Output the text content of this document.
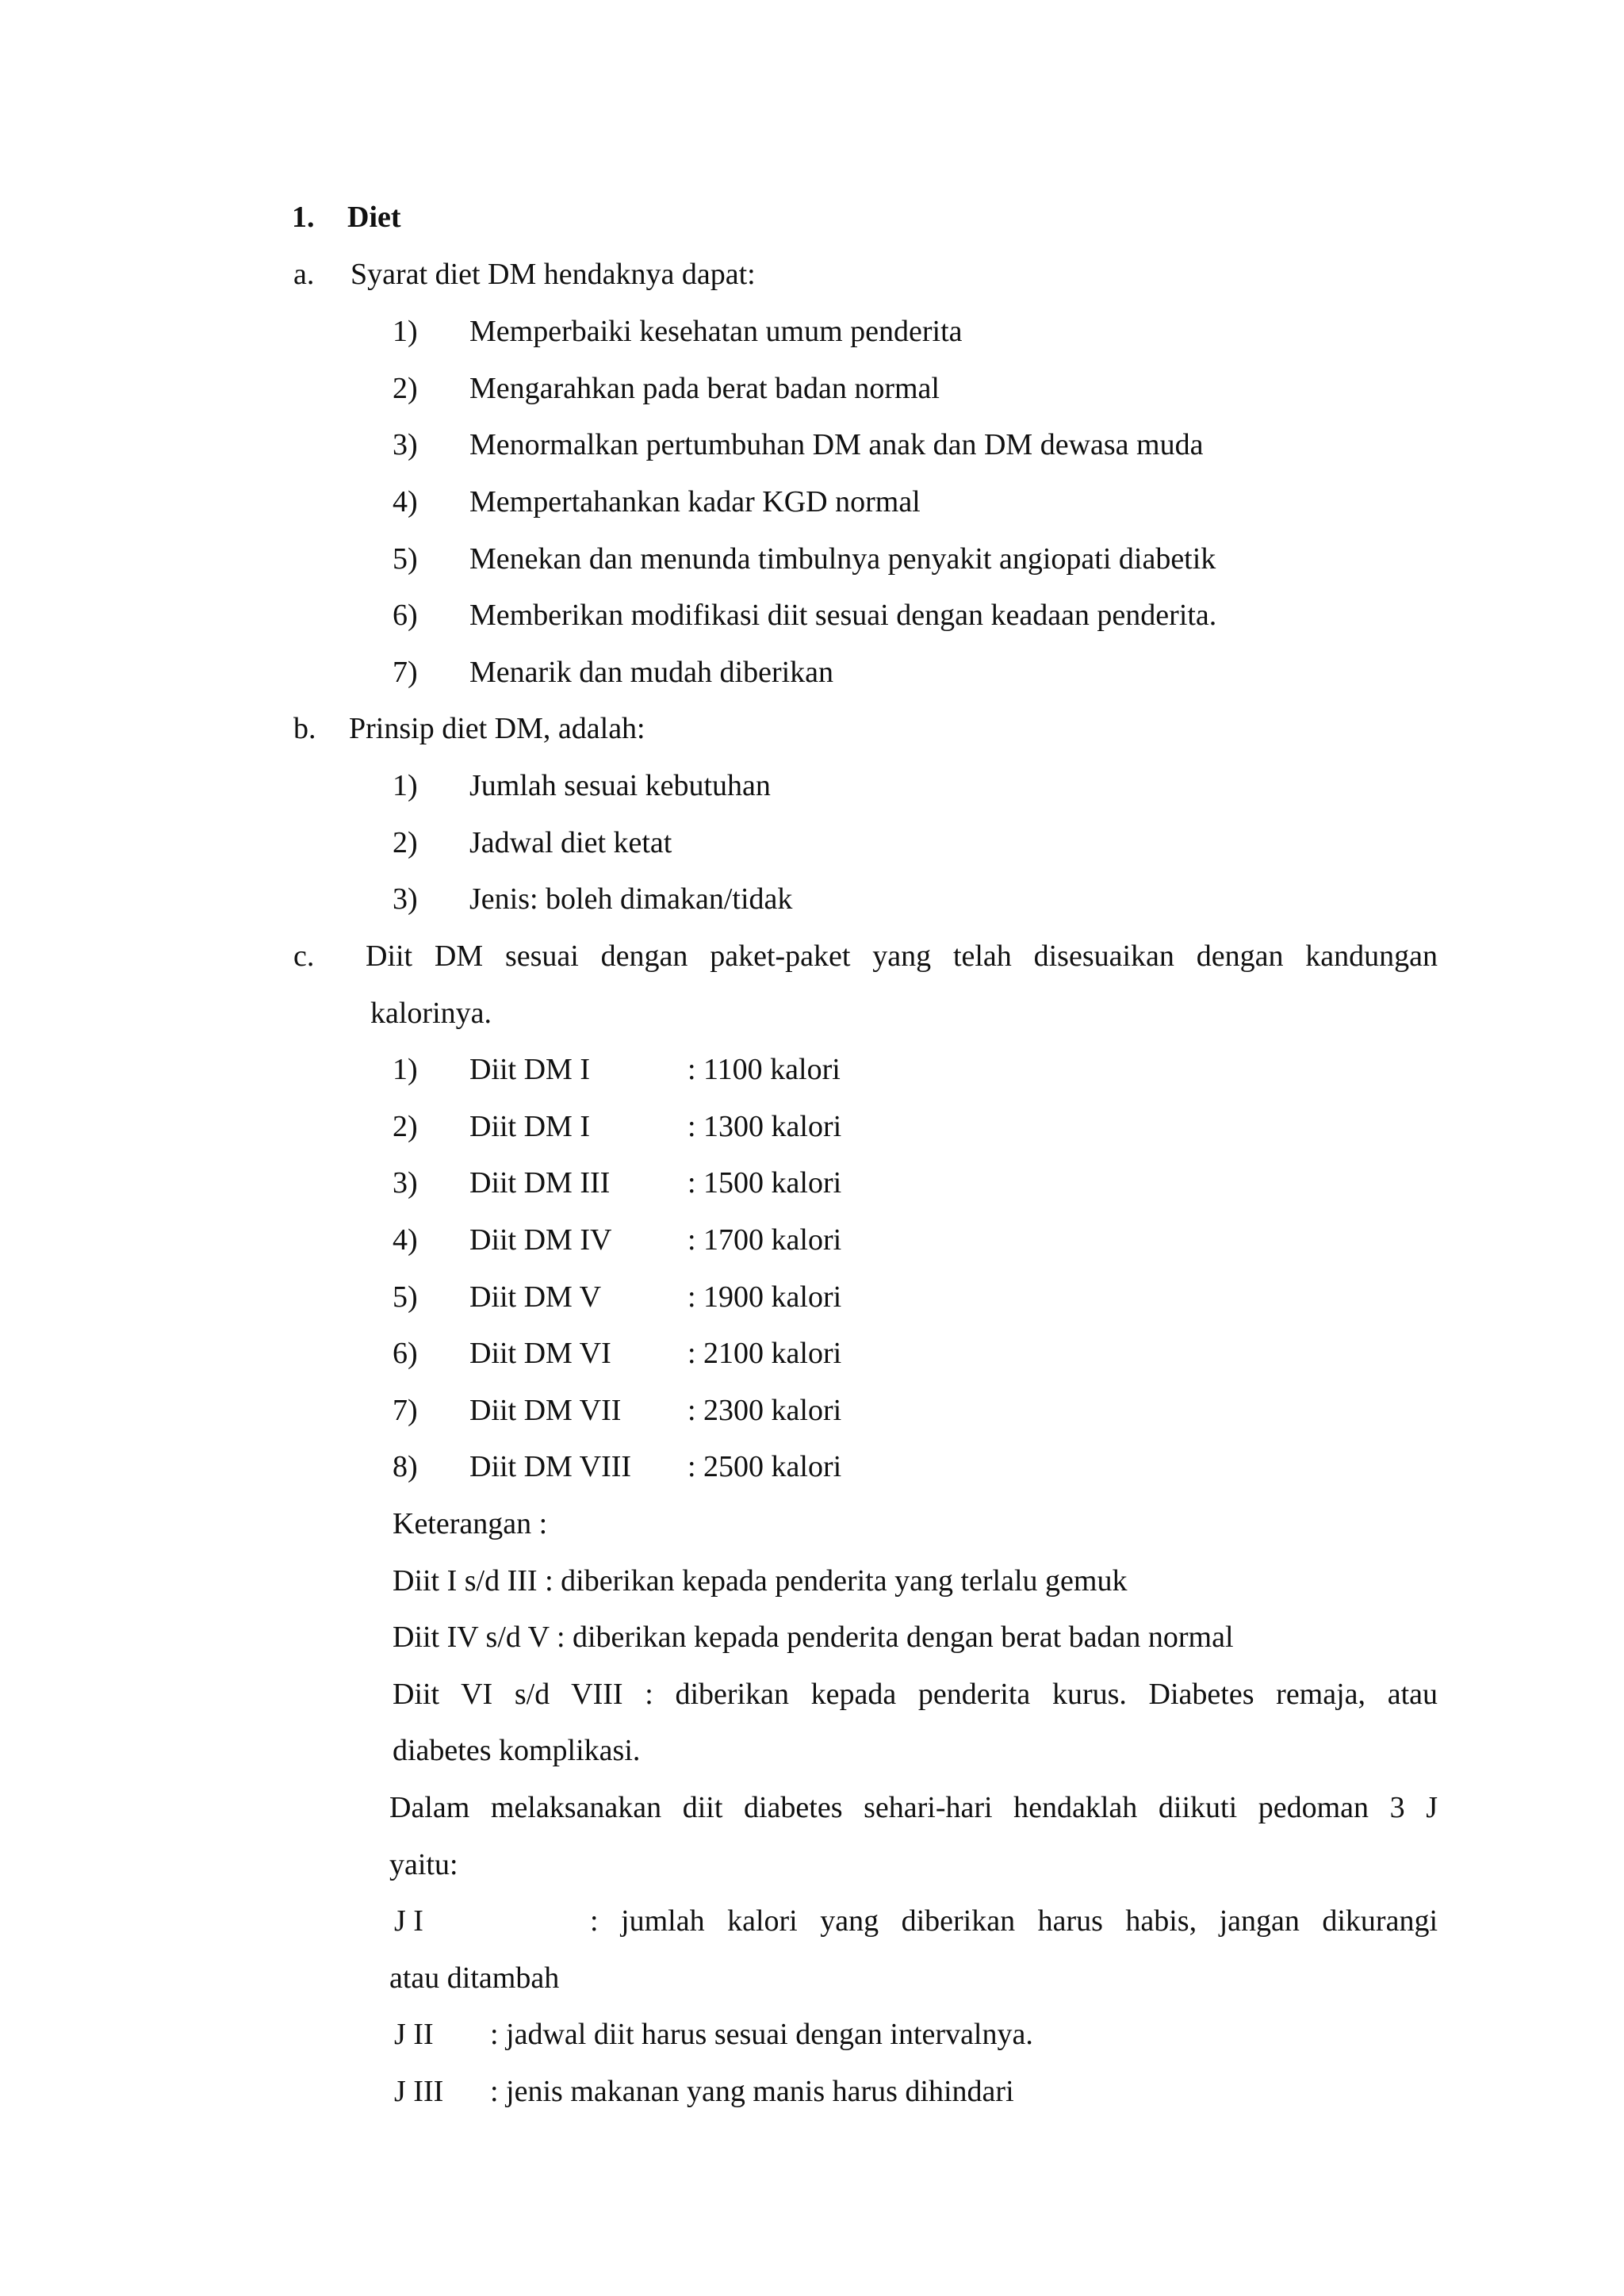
1. Diet
a. Syarat diet DM hendaknya dapat:
1) Memperbaiki kesehatan umum penderita
2) Mengarahkan pada berat badan normal
3) Menormalkan pertumbuhan DM anak dan DM dewasa muda
4) Mempertahankan kadar KGD normal
5) Menekan dan menunda timbulnya penyakit angiopati diabetik
6) Memberikan modifikasi diit sesuai dengan keadaan penderita.
7) Menarik dan mudah diberikan
b. Prinsip diet DM, adalah:
1) Jumlah sesuai kebutuhan
2) Jadwal diet ketat
3) Jenis: boleh dimakan/tidak
c. Diit DM sesuai dengan paket-paket yang telah disesuaikan dengan kandungan
kalorinya.
1) Diit DM I	: 1100 kalori
2) Diit DM I	: 1300 kalori
3) Diit DM III	: 1500 kalori
4) Diit DM IV	: 1700 kalori
5) Diit DM V	: 1900 kalori
6) Diit DM VI	: 2100 kalori
7) Diit DM VII : 2300 kalori
8) Diit DM VIII : 2500 kalori
Keterangan :
Diit I s/d III : diberikan kepada penderita yang terlalu gemuk
Diit IV s/d V : diberikan kepada penderita dengan berat badan normal
Diit VI s/d VIII : diberikan kepada penderita kurus. Diabetes remaja, atau
diabetes komplikasi.
Dalam melaksanakan diit diabetes sehari-hari hendaklah diikuti pedoman 3 J
yaitu:
J I	: jumlah kalori yang diberikan harus habis, jangan dikurangi
atau ditambah
J II : jadwal diit harus sesuai dengan intervalnya.
J III : jenis makanan yang manis harus dihindari
